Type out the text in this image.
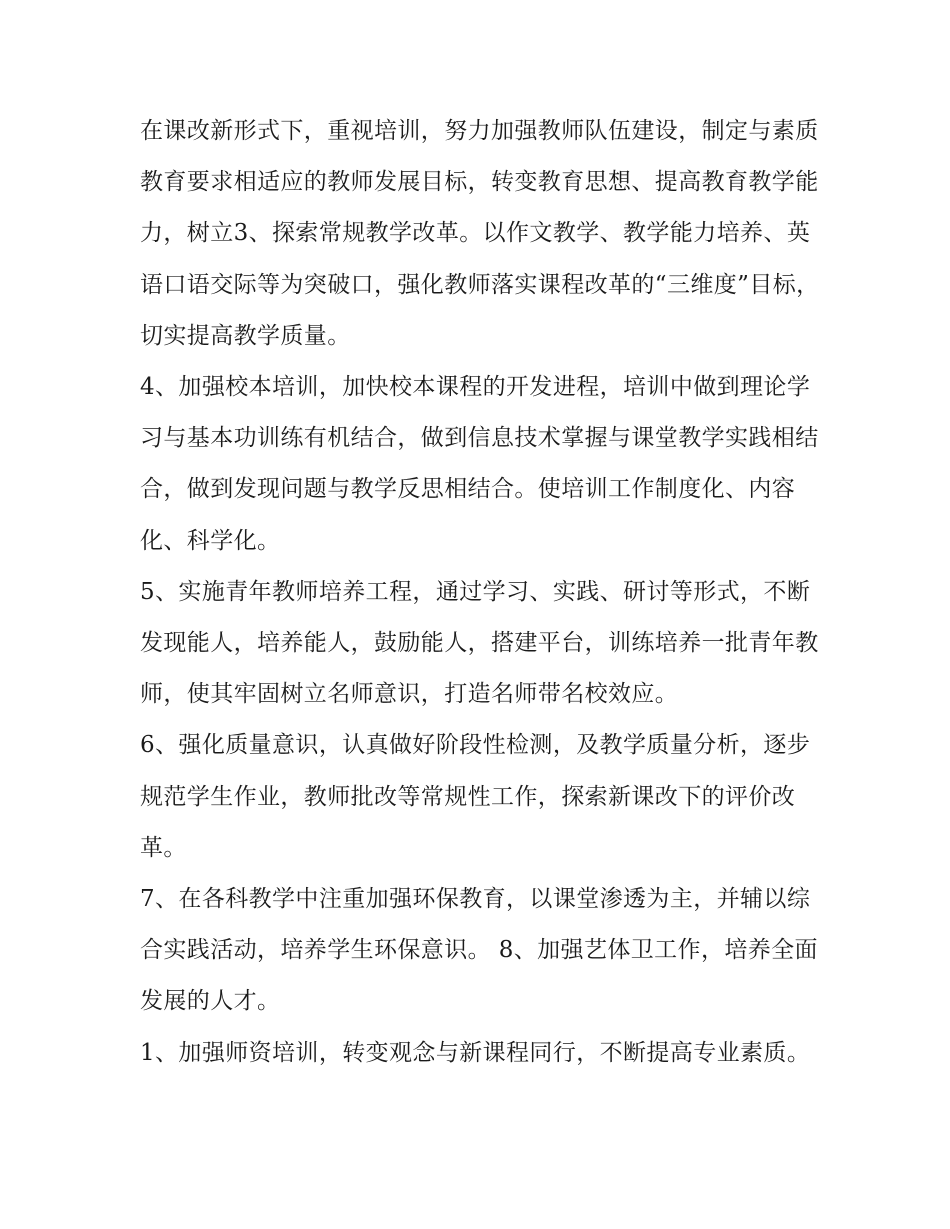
在课改新形式下，重视培训，努力加强教师队伍建设，制定与素质教育要求相适应的教师发展目标，转变教育思想、提高教育教学能力，树立3、探索常规教学改革。以作文教学、教学能力培养、英语口语交际等为突破口，强化教师落实课程改革的“三维度”目标，切实提高教学质量。

4、加强校本培训，加快校本课程的开发进程，培训中做到理论学习与基本功训练有机结合，做到信息技术掌握与课堂教学实践相结合，做到发现问题与教学反思相结合。使培训工作制度化、内容化、科学化。

5、实施青年教师培养工程，通过学习、实践、研讨等形式，不断发现能人，培养能人，鼓励能人，搭建平台，训练培养一批青年教师，使其牢固树立名师意识，打造名师带名校效应。

6、强化质量意识，认真做好阶段性检测，及教学质量分析，逐步规范学生作业，教师批改等常规性工作，探索新课改下的评价改革。

7、在各科教学中注重加强环保教育，以课堂渗透为主，并辅以综合实践活动，培养学生环保意识。 8、加强艺体卫工作，培养全面发展的人才。

1、加强师资培训，转变观念与新课程同行，不断提高专业素质。
